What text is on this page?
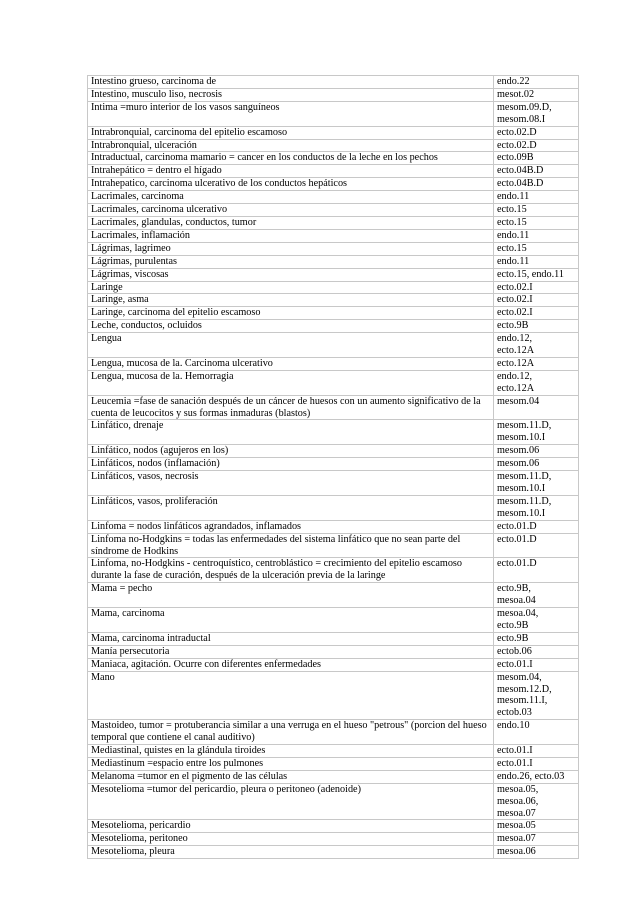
Intestino grueso, carcinoma de	endo.22

Intestino, musculo liso, necrosis	mesot.02

Intima =muro interior de los vasos sanguíneos	mesom.09.D,
mesom.08.I

Intrabronquial, carcinoma del epitelio escamoso	ecto.02.D

Intrabronquial, ulceración	ecto.02.D

Intraductual, carcinoma mamario = cancer en los conductos de la leche en los pechos	ecto.09B

Intrahepático = dentro el hígado	ecto.04B.D

Intrahepatico, carcinoma ulcerativo de los conductos hepáticos	ecto.04B.D

Lacrimales, carcinoma	endo.11

Lacrimales, carcinoma ulcerativo	ecto.15

Lacrimales, glandulas, conductos, tumor	ecto.15

Lacrimales, inflamación	endo.11

Lágrimas, lagrimeo	ecto.15

Lágrimas, purulentas	endo.11

Lágrimas, viscosas	ecto.15, endo.11

Laringe	ecto.02.I

Laringe, asma	ecto.02.I

Laringe, carcinoma del epitelio escamoso	ecto.02.I

Leche, conductos, ocluidos	ecto.9B

Lengua	endo.12,
ecto.12A

Lengua, mucosa de la. Carcinoma ulcerativo	ecto.12A

Lengua, mucosa de la. Hemorragia	endo.12,
ecto.12A

Leucemia =fase de sanación después de un cáncer de huesos con un aumento significativo de la cuenta de leucocitos y sus formas inmaduras (blastos)	mesom.04

Linfático, drenaje	mesom.11.D,
mesom.10.I

Linfático, nodos (agujeros en los)	mesom.06

Linfáticos, nodos (inflamación)	mesom.06

Linfáticos, vasos, necrosis	mesom.11.D,
mesom.10.I

Linfáticos, vasos, proliferación	mesom.11.D,
mesom.10.I

Linfoma = nodos linfáticos agrandados, inflamados	ecto.01.D

Linfoma no-Hodgkins = todas las enfermedades del sistema linfático que no sean parte del síndrome de Hodkins	ecto.01.D

Linfoma, no-Hodgkins - centroquístico, centroblástico = crecimiento del epitelio escamoso durante la fase de curación, después de la ulceración previa de la laringe	ecto.01.D

Mama = pecho	ecto.9B,
mesoa.04

Mama, carcinoma	mesoa.04,
ecto.9B

Mama, carcinoma intraductal	ecto.9B

Manía persecutoria	ectob.06

Maniaca, agitación. Ocurre con diferentes enfermedades	ecto.01.I

Mano	mesom.04,
mesom.12.D,
mesom.11.I,
ectob.03

Mastoideo, tumor = protuberancia similar a una verruga en el hueso "petrous" (porcion del hueso temporal que contiene el canal auditivo)	endo.10

Mediastinal, quistes en la glándula tiroides	ecto.01.I

Mediastinum =espacio entre los pulmones	ecto.01.I

Melanoma =tumor en el pigmento de las células	endo.26, ecto.03

Mesotelioma =tumor del pericardio, pleura o peritoneo (adenoide)	mesoa.05,
mesoa.06,
mesoa.07

Mesotelioma, pericardio	mesoa.05

Mesotelioma, peritoneo	mesoa.07

Mesotelioma, pleura	mesoa.06
